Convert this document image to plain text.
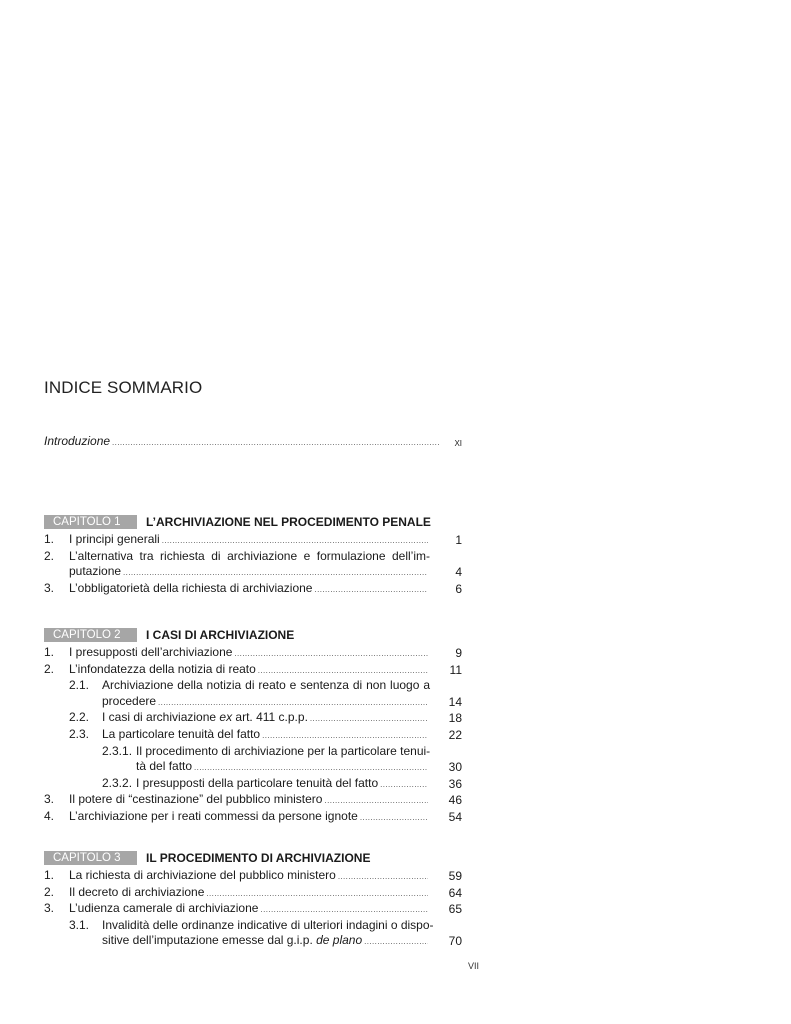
INDICE SOMMARIO
Introduzione .....	XI
CAPITOLO 1	L’ARCHIVIAZIONE NEL PROCEDIMENTO PENALE
1.	I principi generali .....	1
2.	L’alternativa tra richiesta di archiviazione e formulazione dell’im-
putazione .....	4
3.	L’obbligatorietà della richiesta di archiviazione .....	6
CAPITOLO 2	I CASI DI ARCHIVIAZIONE
1.	I presupposti dell’archiviazione .....	9
2.	L’infondatezza della notizia di reato .....	11
2.1.	Archiviazione della notizia di reato e sentenza di non luogo a
procedere .....	14
2.2.	I casi di archiviazione ex art. 411 c.p.p. .....	18
2.3.	La particolare tenuità del fatto .....	22
2.3.1. Il procedimento di archiviazione per la particolare tenui-
tà del fatto .....	30
2.3.2. I presupposti della particolare tenuità del fatto .....	36
3.	Il potere di “cestinazione” del pubblico ministero .....	46
4.	L’archiviazione per i reati commessi da persone ignote .....	54
CAPITOLO 3	IL PROCEDIMENTO DI ARCHIVIAZIONE
1.	La richiesta di archiviazione del pubblico ministero .....	59
2.	Il decreto di archiviazione .....	64
3.	L’udienza camerale di archiviazione .....	65
3.1.	Invalidità delle ordinanze indicative di ulteriori indagini o dispo-
sitive dell’imputazione emesse dal g.i.p. de plano .....	70
VII
